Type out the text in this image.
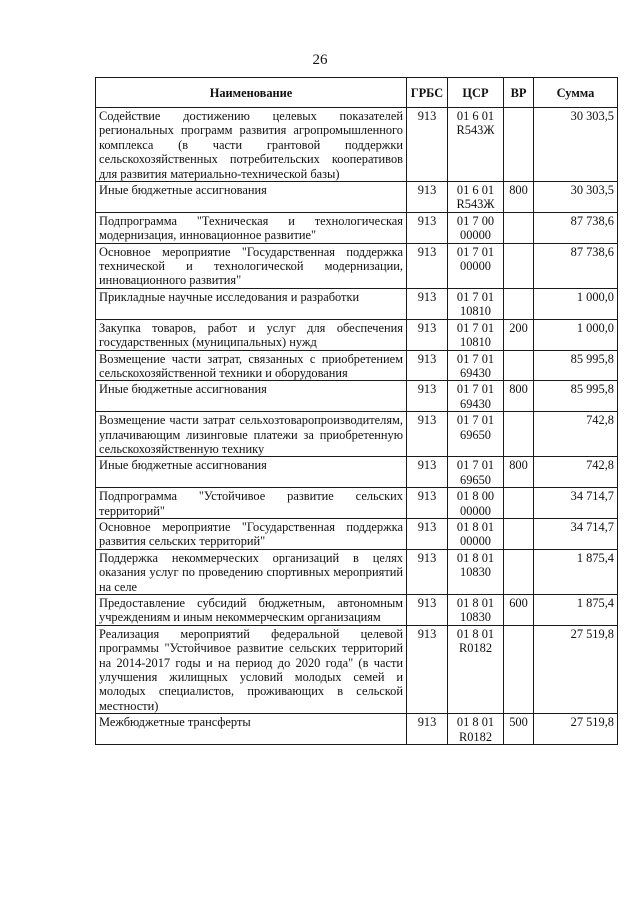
26
Наименование	ГРБС	ЦСР	ВР	Сумма
Содействие достижению целевых показателей региональных программ развития агропромышленного комплекса (в части грантовой поддержки сельскохозяйственных потребительских кооперативов для развития материально-технической базы)	913	01 6 01 R543Ж		30 303,5
Иные бюджетные ассигнования	913	01 6 01 R543Ж	800	30 303,5
Подпрограмма "Техническая и технологическая модернизация, инновационное развитие"	913	01 7 00 00000		87 738,6
Основное мероприятие "Государственная поддержка технической и технологической модернизации, инновационного развития"	913	01 7 01 00000		87 738,6
Прикладные научные исследования и разработки	913	01 7 01 10810		1 000,0
Закупка товаров, работ и услуг для обеспечения государственных (муниципальных) нужд	913	01 7 01 10810	200	1 000,0
Возмещение части затрат, связанных с приобретением сельскохозяйственной техники и оборудования	913	01 7 01 69430		85 995,8
Иные бюджетные ассигнования	913	01 7 01 69430	800	85 995,8
Возмещение части затрат сельхозтоваропроизводителям, уплачивающим лизинговые платежи за приобретенную сельскохозяйственную технику	913	01 7 01 69650		742,8
Иные бюджетные ассигнования	913	01 7 01 69650	800	742,8
Подпрограмма "Устойчивое развитие сельских территорий"	913	01 8 00 00000		34 714,7
Основное мероприятие "Государственная поддержка развития сельских территорий"	913	01 8 01 00000		34 714,7
Поддержка некоммерческих организаций в целях оказания услуг по проведению спортивных мероприятий на селе	913	01 8 01 10830		1 875,4
Предоставление субсидий бюджетным, автономным учреждениям и иным некоммерческим организациям	913	01 8 01 10830	600	1 875,4
Реализация мероприятий федеральной целевой программы "Устойчивое развитие сельских территорий на 2014-2017 годы и на период до 2020 года" (в части улучшения жилищных условий молодых семей и молодых специалистов, проживающих в сельской местности)	913	01 8 01 R0182		27 519,8
Межбюджетные трансферты	913	01 8 01 R0182	500	27 519,8
